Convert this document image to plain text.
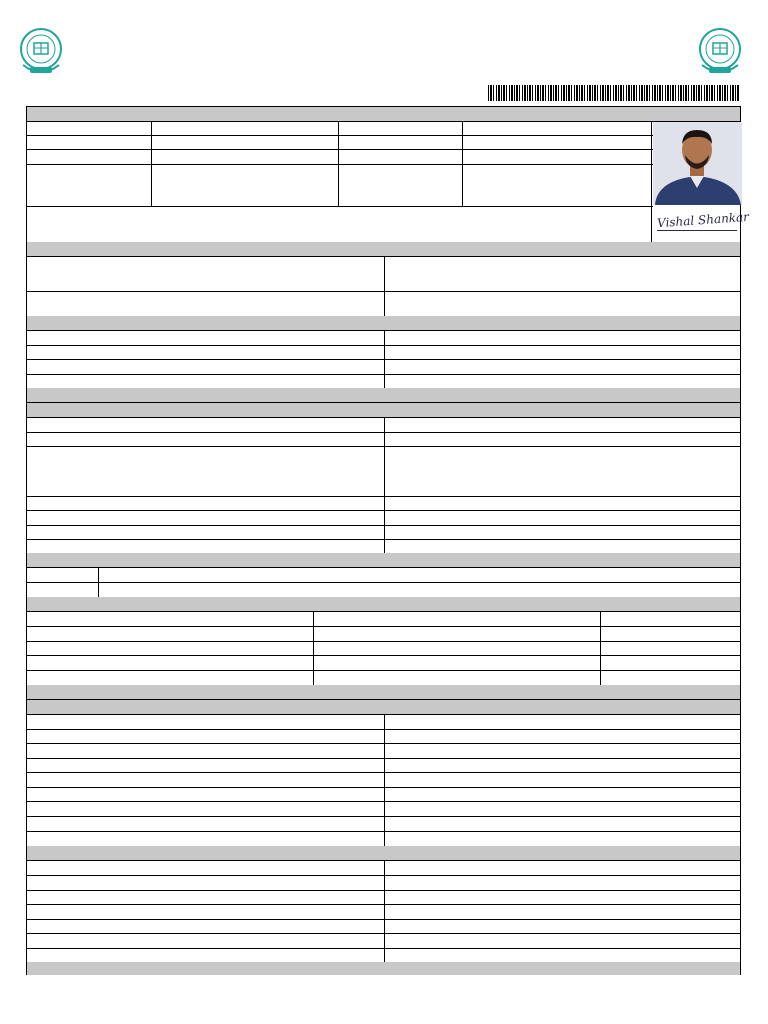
Vishal Shankar
